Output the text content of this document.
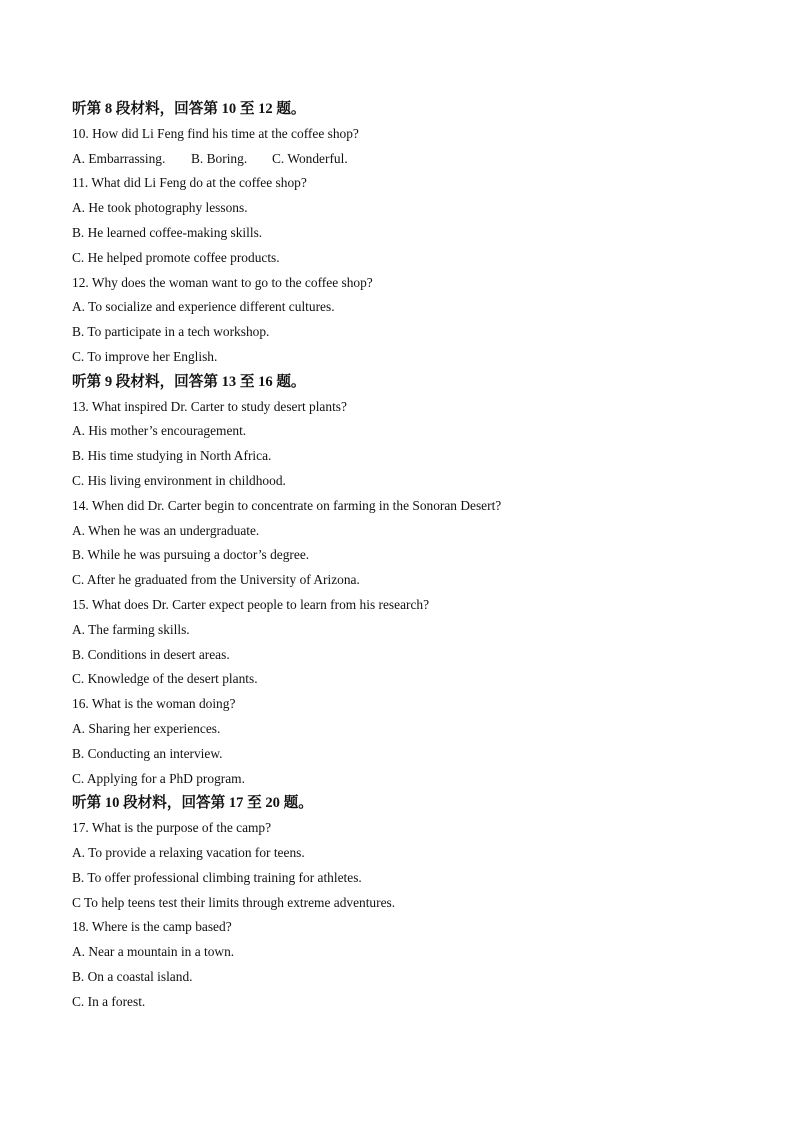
听第 8 段材料，回答第 10 至 12 题。
10. How did Li Feng find his time at the coffee shop?
A. Embarrassing. B. Boring. C. Wonderful.
11. What did Li Feng do at the coffee shop?
A. He took photography lessons.
B. He learned coffee-making skills.
C. He helped promote coffee products.
12. Why does the woman want to go to the coffee shop?
A. To socialize and experience different cultures.
B. To participate in a tech workshop.
C. To improve her English.
听第 9 段材料，回答第 13 至 16 题。
13. What inspired Dr. Carter to study desert plants?
A. His mother’s encouragement.
B. His time studying in North Africa.
C. His living environment in childhood.
14. When did Dr. Carter begin to concentrate on farming in the Sonoran Desert?
A. When he was an undergraduate.
B. While he was pursuing a doctor’s degree.
C. After he graduated from the University of Arizona.
15. What does Dr. Carter expect people to learn from his research?
A. The farming skills.
B. Conditions in desert areas.
C. Knowledge of the desert plants.
16. What is the woman doing?
A. Sharing her experiences.
B. Conducting an interview.
C. Applying for a PhD program.
听第 10 段材料，回答第 17 至 20 题。
17. What is the purpose of the camp?
A. To provide a relaxing vacation for teens.
B. To offer professional climbing training for athletes.
C To help teens test their limits through extreme adventures.
18. Where is the camp based?
A. Near a mountain in a town.
B. On a coastal island.
C. In a forest.
